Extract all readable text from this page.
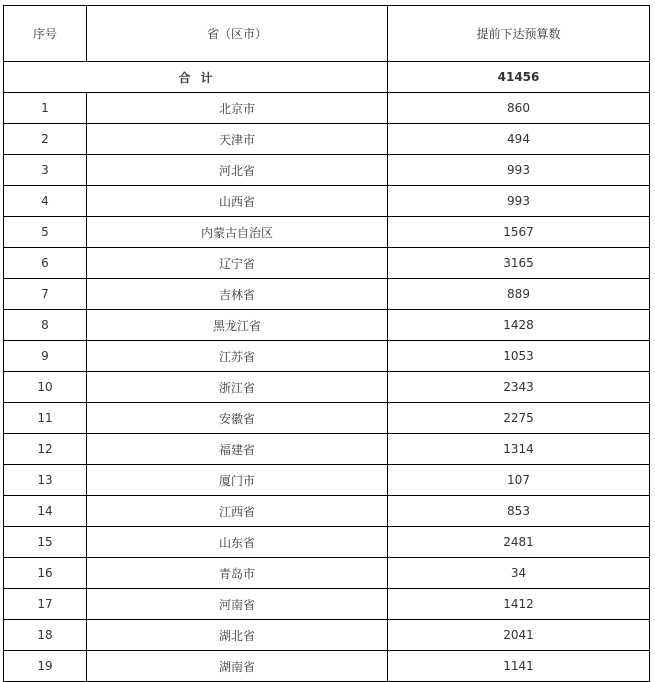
序号	省（区市）	提前下达预算数
合计		41456
1	北京市	860
2	天津市	494
3	河北省	993
4	山西省	993
5	内蒙古自治区	1567
6	辽宁省	3165
7	吉林省	889
8	黑龙江省	1428
9	江苏省	1053
10	浙江省	2343
11	安徽省	2275
12	福建省	1314
13	厦门市	107
14	江西省	853
15	山东省	2481
16	青岛市	34
17	河南省	1412
18	湖北省	2041
19	湖南省	1141
